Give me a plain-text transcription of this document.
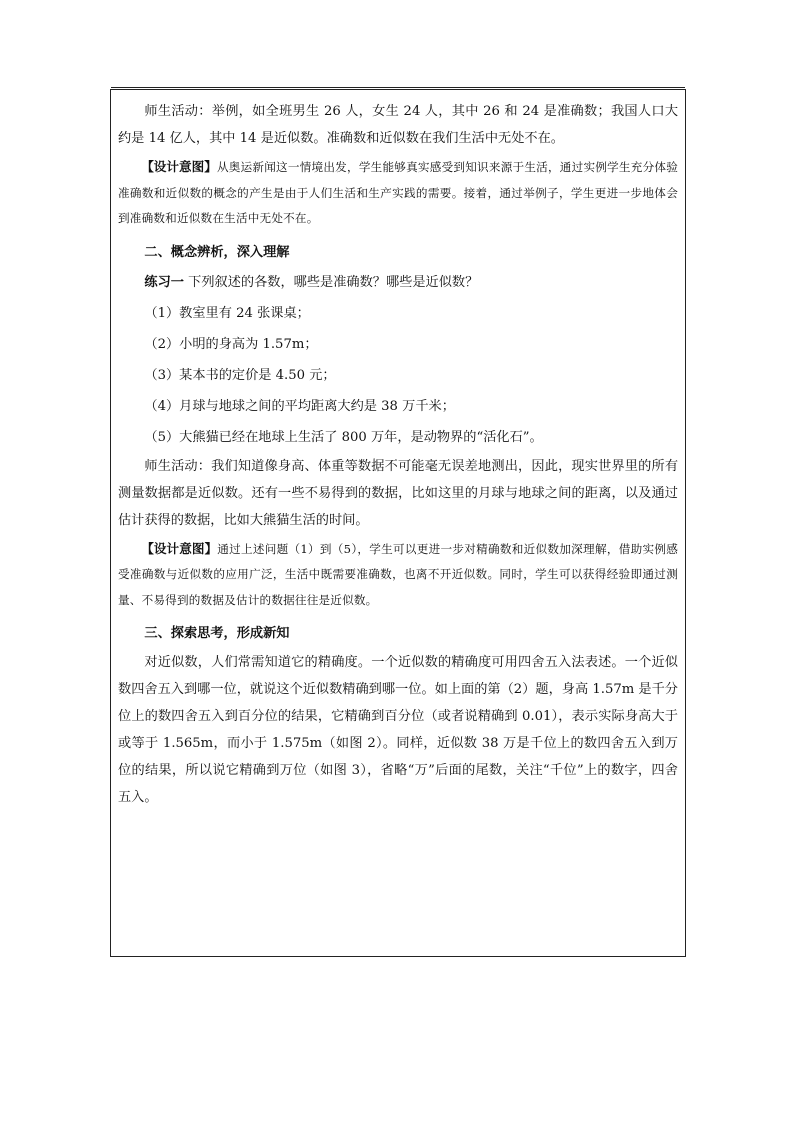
师生活动：举例，如全班男生 26 人，女生 24 人，其中 26 和 24 是准确数；我国人口大约是 14 亿人，其中 14 是近似数。准确数和近似数在我们生活中无处不在。

【设计意图】从奥运新闻这一情境出发，学生能够真实感受到知识来源于生活，通过实例学生充分体验准确数和近似数的概念的产生是由于人们生活和生产实践的需要。接着，通过举例子，学生更进一步地体会到准确数和近似数在生活中无处不在。

二、概念辨析，深入理解

练习一 下列叙述的各数，哪些是准确数？哪些是近似数？

（1）教室里有 24 张课桌；

（2）小明的身高为 1.57m；

（3）某本书的定价是 4.50 元；

（4）月球与地球之间的平均距离大约是 38 万千米；

（5）大熊猫已经在地球上生活了 800 万年，是动物界的“活化石”。

师生活动：我们知道像身高、体重等数据不可能毫无误差地测出，因此，现实世界里的所有测量数据都是近似数。还有一些不易得到的数据，比如这里的月球与地球之间的距离，以及通过估计获得的数据，比如大熊猫生活的时间。

【设计意图】通过上述问题（1）到（5），学生可以更进一步对精确数和近似数加深理解，借助实例感受准确数与近似数的应用广泛，生活中既需要准确数，也离不开近似数。同时，学生可以获得经验即通过测量、不易得到的数据及估计的数据往往是近似数。

三、探索思考，形成新知

对近似数，人们常需知道它的精确度。一个近似数的精确度可用四舍五入法表述。一个近似数四舍五入到哪一位，就说这个近似数精确到哪一位。如上面的第（2）题，身高 1.57m 是千分位上的数四舍五入到百分位的结果，它精确到百分位（或者说精确到 0.01），表示实际身高大于或等于 1.565m，而小于 1.575m（如图 2）。同样，近似数 38 万是千位上的数四舍五入到万位的结果，所以说它精确到万位（如图 3），省略“万”后面的尾数，关注“千位”上的数字，四舍五入。
